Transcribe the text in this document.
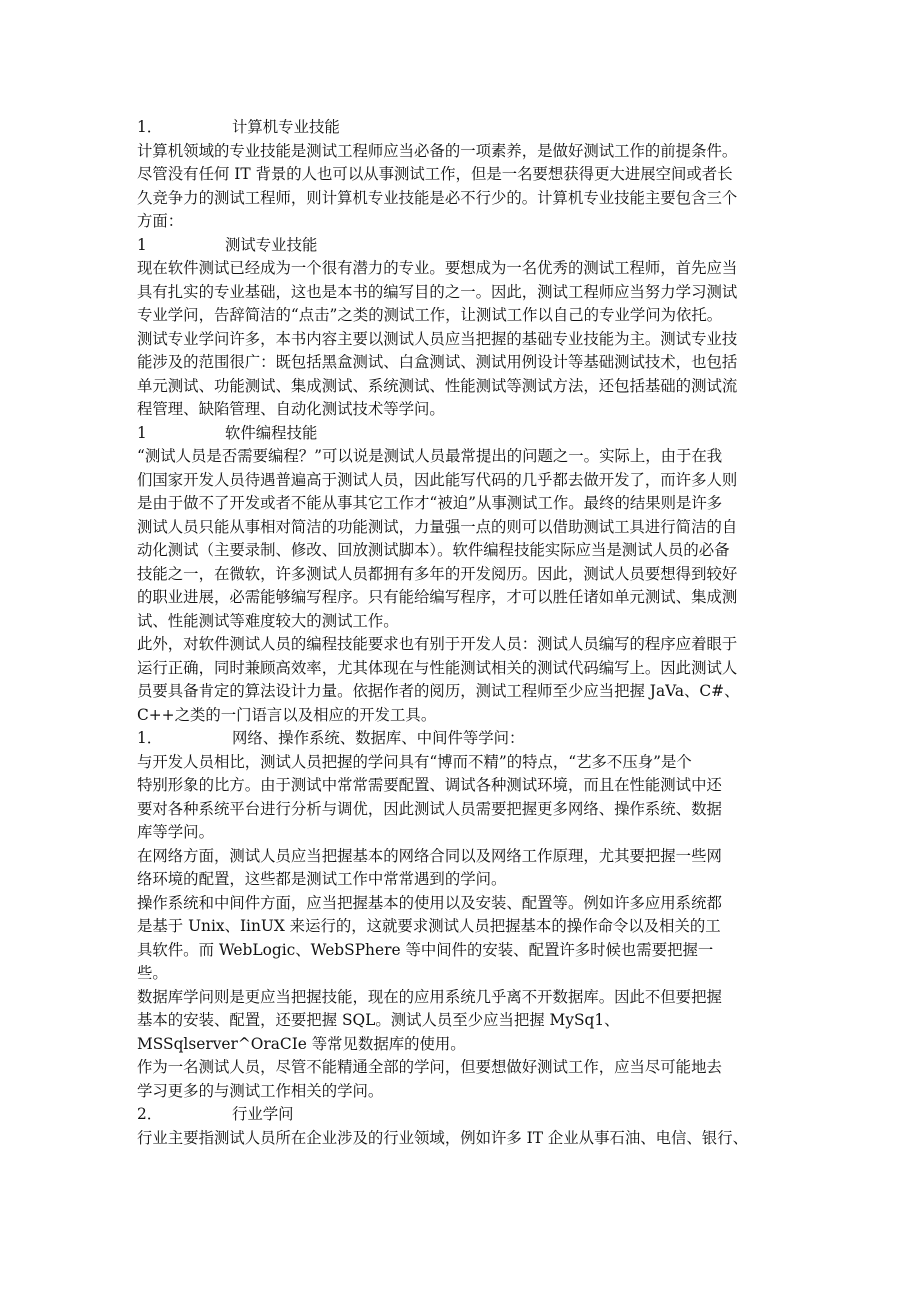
1．	计算机专业技能
计算机领域的专业技能是测试工程师应当必备的一项素养，是做好测试工作的前提条件。
尽管没有任何 IT 背景的人也可以从事测试工作，但是一名要想获得更大进展空间或者长
久竞争力的测试工程师，则计算机专业技能是必不行少的。计算机专业技能主要包含三个
方面：
1	测试专业技能
现在软件测试已经成为一个很有潜力的专业。要想成为一名优秀的测试工程师，首先应当
具有扎实的专业基础，这也是本书的编写目的之一。因此，测试工程师应当努力学习测试
专业学问，告辞简洁的“点击”之类的测试工作，让测试工作以自己的专业学问为依托。
测试专业学问许多，本书内容主要以测试人员应当把握的基础专业技能为主。测试专业技
能涉及的范围很广：既包括黑盒测试、白盒测试、测试用例设计等基础测试技术，也包括
单元测试、功能测试、集成测试、系统测试、性能测试等测试方法，还包括基础的测试流
程管理、缺陷管理、自动化测试技术等学问。
1	软件编程技能
“测试人员是否需要编程？”可以说是测试人员最常提出的问题之一。实际上，由于在我
们国家开发人员待遇普遍高于测试人员，因此能写代码的几乎都去做开发了，而许多人则
是由于做不了开发或者不能从事其它工作才“被迫”从事测试工作。最终的结果则是许多
测试人员只能从事相对简洁的功能测试，力量强一点的则可以借助测试工具进行简洁的自
动化测试（主要录制、修改、回放测试脚本）。软件编程技能实际应当是测试人员的必备
技能之一，在微软，许多测试人员都拥有多年的开发阅历。因此，测试人员要想得到较好
的职业进展，必需能够编写程序。只有能给编写程序，才可以胜任诸如单元测试、集成测
试、性能测试等难度较大的测试工作。
此外，对软件测试人员的编程技能要求也有别于开发人员：测试人员编写的程序应着眼于
运行正确，同时兼顾高效率，尤其体现在与性能测试相关的测试代码编写上。因此测试人
员要具备肯定的算法设计力量。依据作者的阅历，测试工程师至少应当把握 JaVa、C#、
C++之类的一门语言以及相应的开发工具。
1．	网络、操作系统、数据库、中间件等学问：
与开发人员相比，测试人员把握的学问具有“博而不精”的特点，“艺多不压身”是个
特别形象的比方。由于测试中常常需要配置、调试各种测试环境，而且在性能测试中还
要对各种系统平台进行分析与调优，因此测试人员需要把握更多网络、操作系统、数据
库等学问。
在网络方面，测试人员应当把握基本的网络合同以及网络工作原理，尤其要把握一些网
络环境的配置，这些都是测试工作中常常遇到的学问。
操作系统和中间件方面，应当把握基本的使用以及安装、配置等。例如许多应用系统都
是基于 Unix、IinUX 来运行的，这就要求测试人员把握基本的操作命令以及相关的工
具软件。而 WebLogic、WebSPhere 等中间件的安装、配置许多时候也需要把握一
些。
数据库学问则是更应当把握技能，现在的应用系统几乎离不开数据库。因此不但要把握
基本的安装、配置，还要把握 SQL。测试人员至少应当把握 MySq1、
MSSqlserver^OraCIe 等常见数据库的使用。
作为一名测试人员，尽管不能精通全部的学问，但要想做好测试工作，应当尽可能地去
学习更多的与测试工作相关的学问。
2．	行业学问
行业主要指测试人员所在企业涉及的行业领域，例如许多 IT 企业从事石油、电信、银行、
